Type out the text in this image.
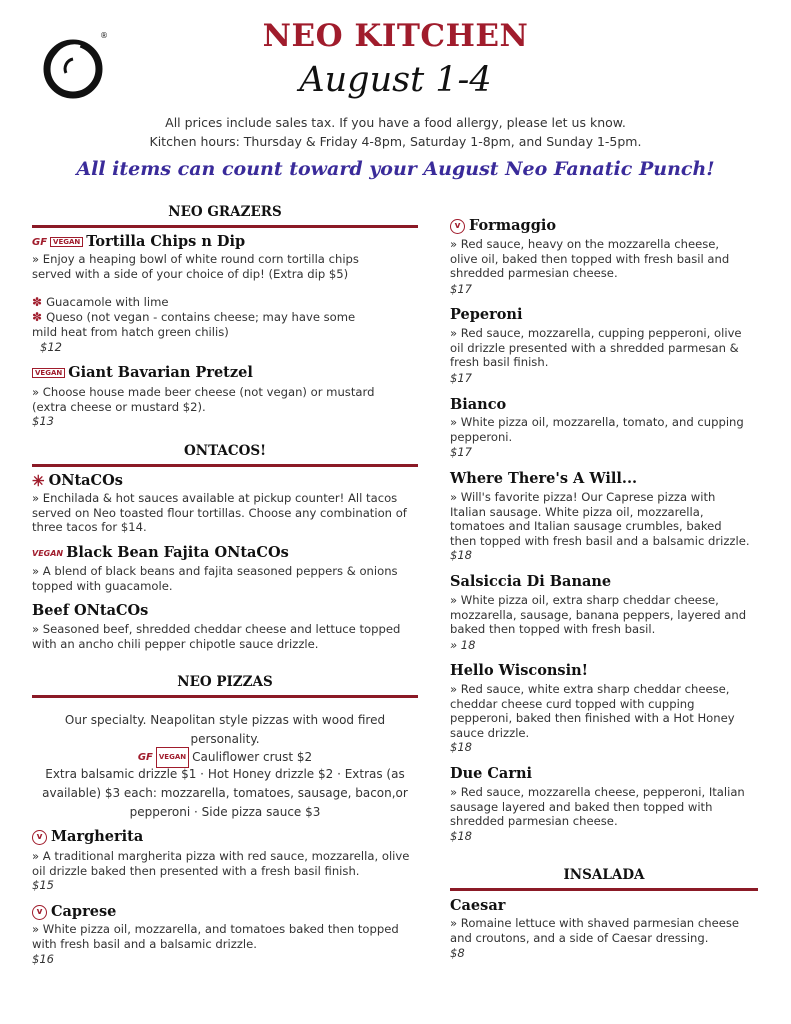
®	NEO KITCHEN
August 1-4
All prices include sales tax. If you have a food allergy, please let us know.
Kitchen hours: Thursday & Friday 4-8pm, Saturday 1-8pm, and Sunday 1-5pm.
All items can count toward your August Neo Fanatic Punch!
NEO GRAZERS
GF VEGAN Tortilla Chips n Dip
» Enjoy a heaping bowl of white round corn tortilla chips served with a side of your choice of dip! (Extra dip $5)
✽ Guacamole with lime
✽ Queso (not vegan - contains cheese; may have some mild heat from hatch green chilis)
$12
VEGAN Giant Bavarian Pretzel
» Choose house made beer cheese (not vegan) or mustard (extra cheese or mustard $2).
$13
ONTACOS!
✳ ONtaCOs
» Enchilada & hot sauces available at pickup counter! All tacos served on Neo toasted flour tortillas. Choose any combination of three tacos for $14.
VEGAN Black Bean Fajita ONtaCOs
» A blend of black beans and fajita seasoned peppers & onions topped with guacamole.
Beef ONtaCOs
» Seasoned beef, shredded cheddar cheese and lettuce topped with an ancho chili pepper chipotle sauce drizzle.
NEO PIZZAS
Our specialty. Neapolitan style pizzas with wood fired personality.
GF VEGAN Cauliflower crust $2
Extra balsamic drizzle $1 · Hot Honey drizzle $2 · Extras (as available) $3 each: mozzarella, tomatoes, sausage, bacon,or pepperoni · Side pizza sauce $3
v Margherita
» A traditional margherita pizza with red sauce, mozzarella, olive oil drizzle baked then presented with a fresh basil finish.
$15
v Caprese
» White pizza oil, mozzarella, and tomatoes baked then topped with fresh basil and a balsamic drizzle.
$16
v Formaggio
» Red sauce, heavy on the mozzarella cheese, olive oil, baked then topped with fresh basil and shredded parmesian cheese.
$17
Peperoni
» Red sauce, mozzarella, cupping pepperoni, olive oil drizzle presented with a shredded parmesan & fresh basil finish.
$17
Bianco
» White pizza oil, mozzarella, tomato, and cupping pepperoni.
$17
Where There's A Will...
» Will's favorite pizza! Our Caprese pizza with Italian sausage. White pizza oil, mozzarella, tomatoes and Italian sausage crumbles, baked then topped with fresh basil and a balsamic drizzle.
$18
Salsiccia Di Banane
» White pizza oil, extra sharp cheddar cheese, mozzarella, sausage, banana peppers, layered and baked then topped with fresh basil.
» 18
Hello Wisconsin!
» Red sauce, white extra sharp cheddar cheese, cheddar cheese curd topped with cupping pepperoni, baked then finished with a Hot Honey sauce drizzle.
$18
Due Carni
» Red sauce, mozzarella cheese, pepperoni, Italian sausage layered and baked then topped with shredded parmesian cheese.
$18
INSALADA
Caesar
» Romaine lettuce with shaved parmesian cheese and croutons, and a side of Caesar dressing.
$8
